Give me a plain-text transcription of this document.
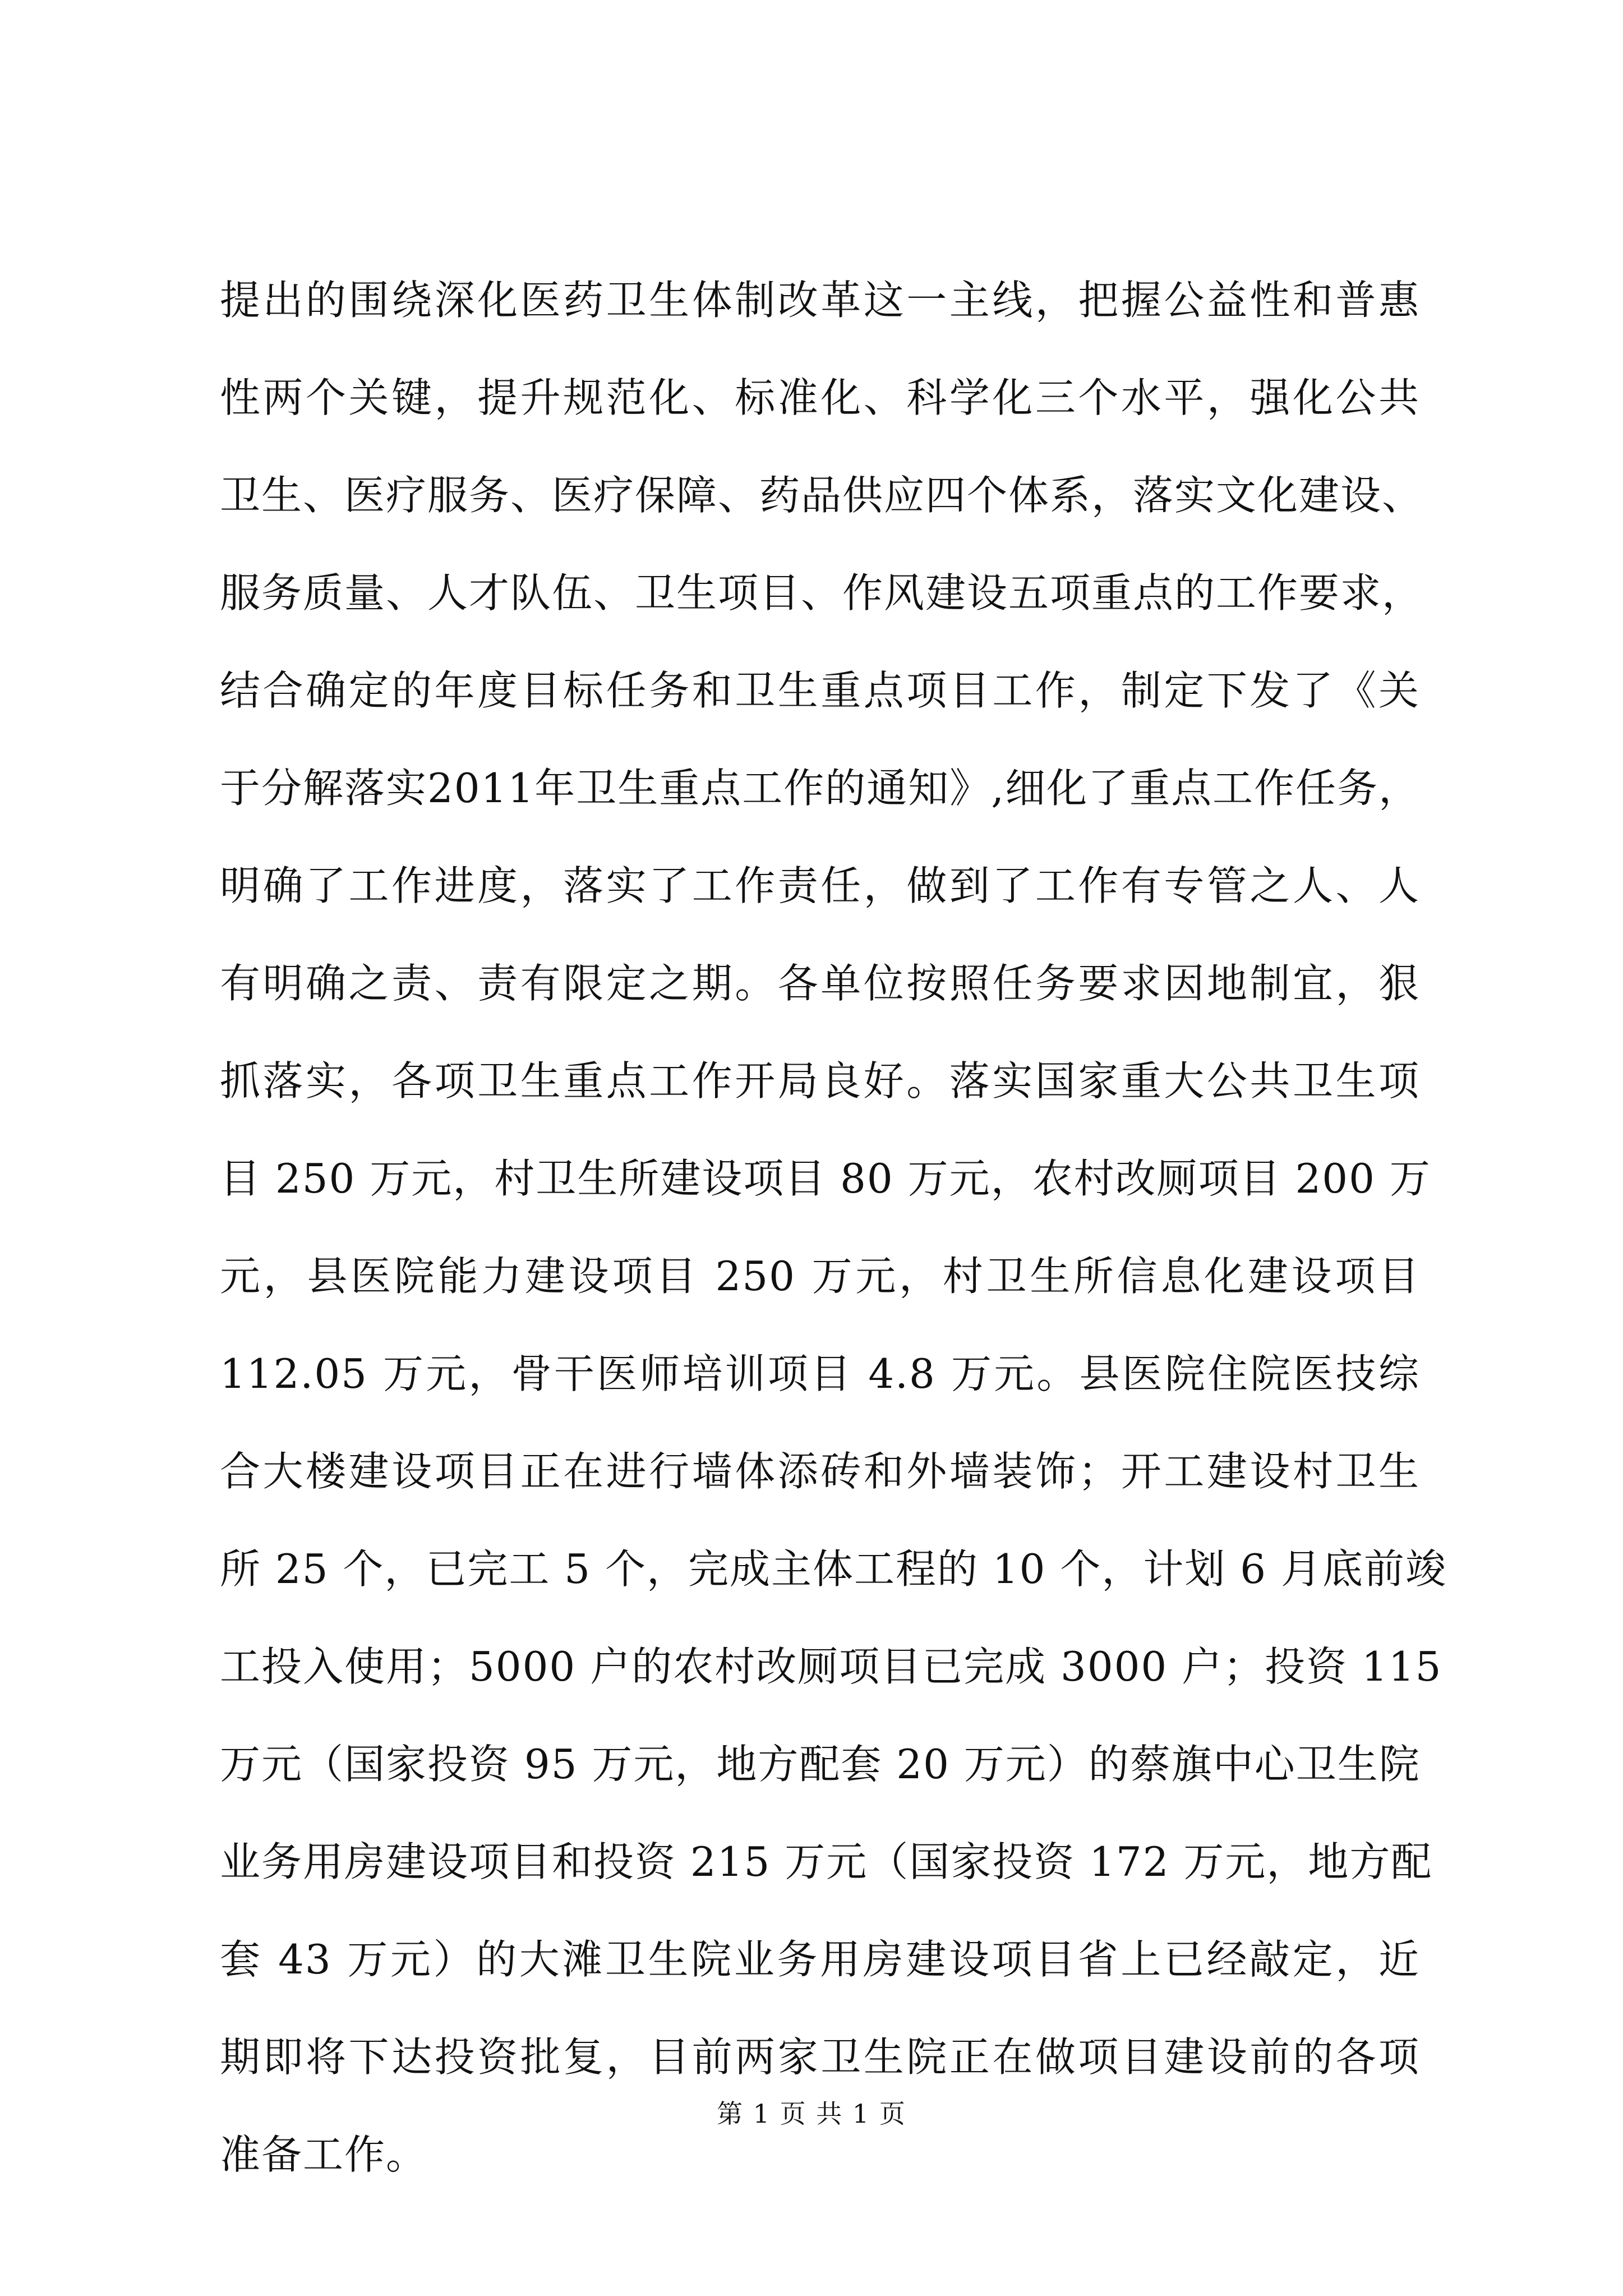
提出的围绕深化医药卫生体制改革这一主线，把握公益性和普惠
性两个关键，提升规范化、标准化、科学化三个水平，强化公共
卫生、医疗服务、医疗保障、药品供应四个体系，落实文化建设、
服务质量、人才队伍、卫生项目、作风建设五项重点的工作要求，
结合确定的年度目标任务和卫生重点项目工作，制定下发了《关
于分解落实2011年卫生重点工作的通知》,细化了重点工作任务，
明确了工作进度，落实了工作责任，做到了工作有专管之人、人
有明确之责、责有限定之期。各单位按照任务要求因地制宜，狠
抓落实，各项卫生重点工作开局良好。落实国家重大公共卫生项
目 250 万元，村卫生所建设项目 80 万元，农村改厕项目 200 万
元，县医院能力建设项目 250 万元，村卫生所信息化建设项目
112.05 万元，骨干医师培训项目 4.8 万元。县医院住院医技综
合大楼建设项目正在进行墙体添砖和外墙装饰；开工建设村卫生
所 25 个，已完工 5 个，完成主体工程的 10 个，计划 6 月底前竣
工投入使用；5000 户的农村改厕项目已完成 3000 户；投资 115
万元（国家投资 95 万元，地方配套 20 万元）的蔡旗中心卫生院
业务用房建设项目和投资 215 万元（国家投资 172 万元，地方配
套 43 万元）的大滩卫生院业务用房建设项目省上已经敲定，近
期即将下达投资批复，目前两家卫生院正在做项目建设前的各项
准备工作。
第 1 页 共 1 页
